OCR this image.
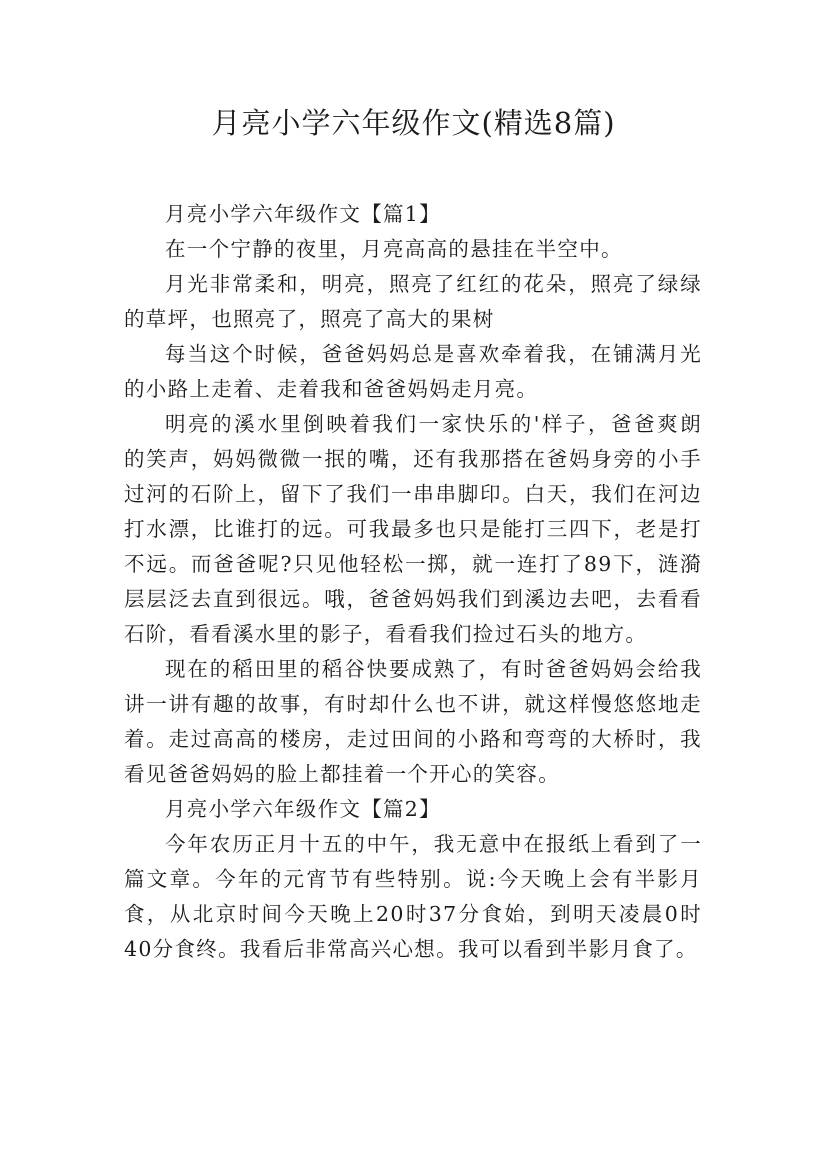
月亮小学六年级作文(精选8篇)
月亮小学六年级作文【篇1】
在一个宁静的夜里，月亮高高的悬挂在半空中。
月光非常柔和，明亮，照亮了红红的花朵，照亮了绿绿
的草坪，也照亮了，照亮了高大的果树
每当这个时候，爸爸妈妈总是喜欢牵着我，在铺满月光
的小路上走着、走着我和爸爸妈妈走月亮。
明亮的溪水里倒映着我们一家快乐的'样子，爸爸爽朗
的笑声，妈妈微微一抿的嘴，还有我那搭在爸妈身旁的小手
过河的石阶上，留下了我们一串串脚印。白天，我们在河边
打水漂，比谁打的远。可我最多也只是能打三四下，老是打
不远。而爸爸呢?只见他轻松一掷，就一连打了89下，涟漪
层层泛去直到很远。哦，爸爸妈妈我们到溪边去吧，去看看
石阶，看看溪水里的影子，看看我们捡过石头的地方。
现在的稻田里的稻谷快要成熟了，有时爸爸妈妈会给我
讲一讲有趣的故事，有时却什么也不讲，就这样慢悠悠地走
着。走过高高的楼房，走过田间的小路和弯弯的大桥时，我
看见爸爸妈妈的脸上都挂着一个开心的笑容。
月亮小学六年级作文【篇2】
今年农历正月十五的中午，我无意中在报纸上看到了一
篇文章。今年的元宵节有些特别。说:今天晚上会有半影月
食，从北京时间今天晚上20时37分食始，到明天凌晨0时
40分食终。我看后非常高兴心想。我可以看到半影月食了。
